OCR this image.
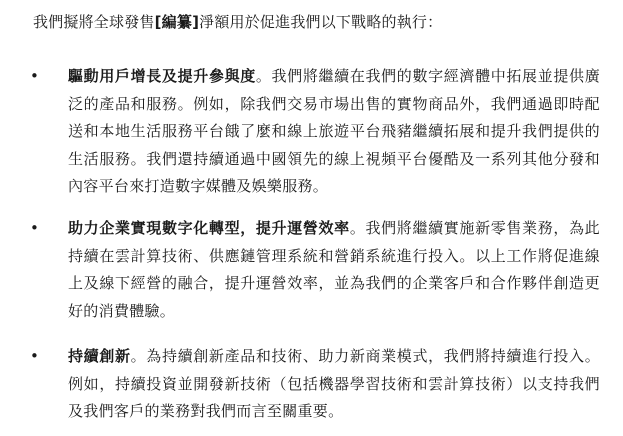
我們擬將全球發售[編纂]淨額用於促進我們以下戰略的執行：
• 驅動用戶增長及提升參與度。我們將繼續在我們的數字經濟體中拓展並提供廣泛的產品和服務。例如，除我們交易市場出售的實物商品外，我們通過即時配送和本地生活服務平台餓了麼和線上旅遊平台飛豬繼續拓展和提升我們提供的生活服務。我們還持續通過中國領先的線上視頻平台優酷及一系列其他分發和內容平台來打造數字媒體及娛樂服務。
• 助力企業實現數字化轉型，提升運營效率。我們將繼續實施新零售業務，為此持續在雲計算技術、供應鏈管理系統和營銷系統進行投入。以上工作將促進線上及線下經營的融合，提升運營效率，並為我們的企業客戶和合作夥伴創造更好的消費體驗。
• 持續創新。為持續創新產品和技術、助力新商業模式，我們將持續進行投入。例如，持續投資並開發新技術（包括機器學習技術和雲計算技術）以支持我們及我們客戶的業務對我們而言至關重要。
